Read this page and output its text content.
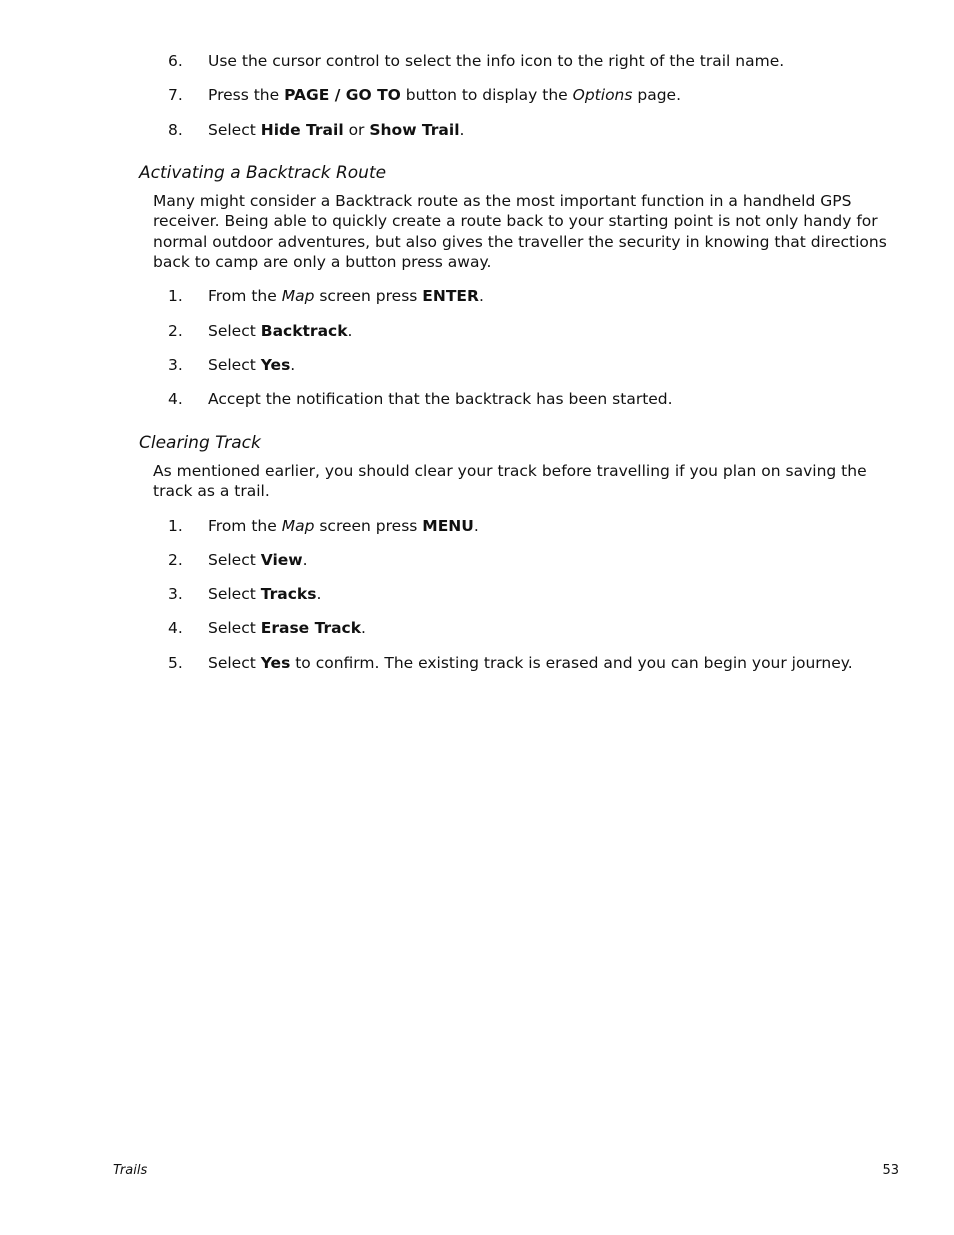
6. Use the cursor control to select the info icon to the right of the trail name.
7. Press the PAGE / GO TO button to display the Options page.
8. Select Hide Trail or Show Trail.
Activating a Backtrack Route

Many might consider a Backtrack route as the most important function in a handheld GPS receiver. Being able to quickly create a route back to your starting point is not only handy for normal outdoor adventures, but also gives the traveller the security in knowing that directions back to camp are only a button press away.

1. From the Map screen press ENTER.
2. Select Backtrack.
3. Select Yes.
4. Accept the notification that the backtrack has been started.
Clearing Track

As mentioned earlier, you should clear your track before travelling if you plan on saving the track as a trail.

1. From the Map screen press MENU.
2. Select View.
3. Select Tracks.
4. Select Erase Track.
5. Select Yes to confirm. The existing track is erased and you can begin your journey.
Trails	53
